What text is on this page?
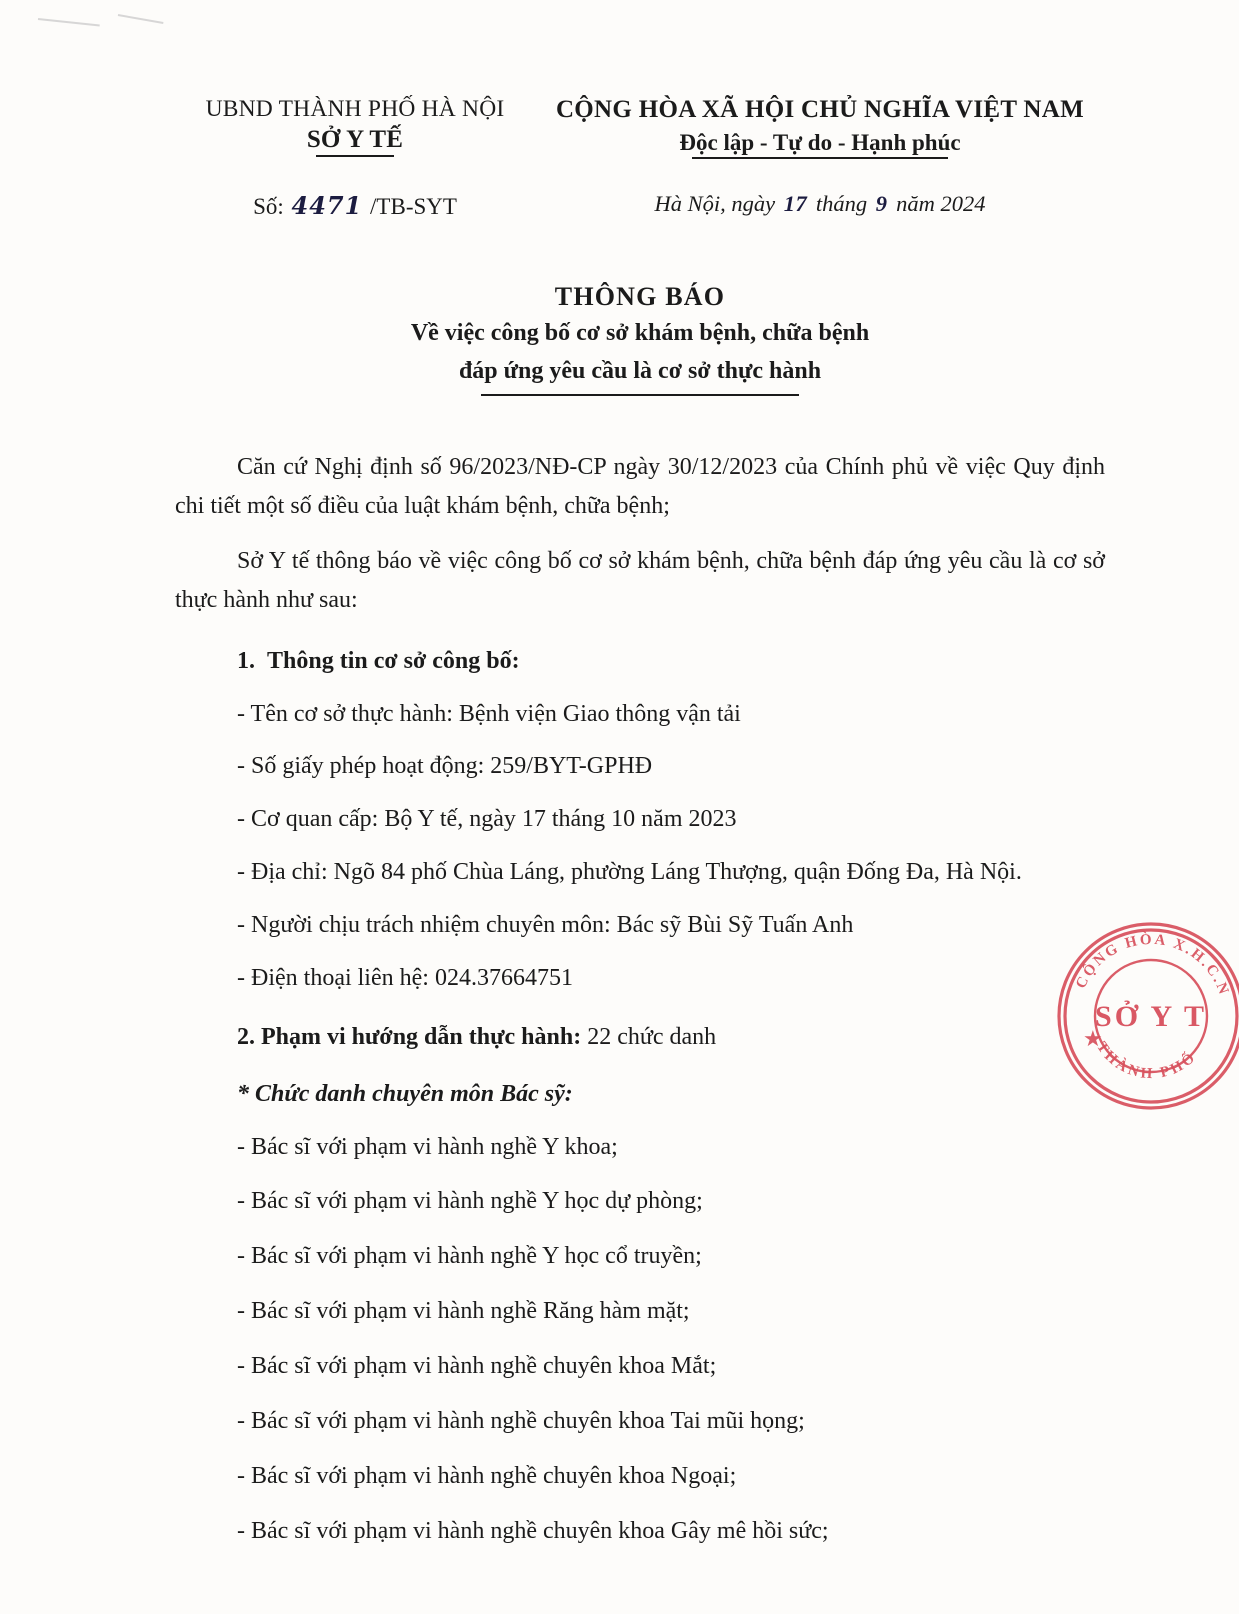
UBND THÀNH PHỐ HÀ NỘI
SỞ Y TẾ
CỘNG HÒA XÃ HỘI CHỦ NGHĨA VIỆT NAM
Độc lập - Tự do - Hạnh phúc
Số: 4471 /TB-SYT	Hà Nội, ngày 17 tháng 9 năm 2024
THÔNG BÁO
Về việc công bố cơ sở khám bệnh, chữa bệnh
đáp ứng yêu cầu là cơ sở thực hành
Căn cứ Nghị định số 96/2023/NĐ-CP ngày 30/12/2023 của Chính phủ về việc Quy định chi tiết một số điều của luật khám bệnh, chữa bệnh;
Sở Y tế thông báo về việc công bố cơ sở khám bệnh, chữa bệnh đáp ứng yêu cầu là cơ sở thực hành như sau:
1. Thông tin cơ sở công bố:
- Tên cơ sở thực hành: Bệnh viện Giao thông vận tải
- Số giấy phép hoạt động: 259/BYT-GPHĐ
- Cơ quan cấp: Bộ Y tế, ngày 17 tháng 10 năm 2023
- Địa chỉ: Ngõ 84 phố Chùa Láng, phường Láng Thượng, quận Đống Đa, Hà Nội.
- Người chịu trách nhiệm chuyên môn: Bác sỹ Bùi Sỹ Tuấn Anh
- Điện thoại liên hệ: 024.37664751
2. Phạm vi hướng dẫn thực hành: 22 chức danh
* Chức danh chuyên môn Bác sỹ:
- Bác sĩ với phạm vi hành nghề Y khoa;
- Bác sĩ với phạm vi hành nghề Y học dự phòng;
- Bác sĩ với phạm vi hành nghề Y học cổ truyền;
- Bác sĩ với phạm vi hành nghề Răng hàm mặt;
- Bác sĩ với phạm vi hành nghề chuyên khoa Mắt;
- Bác sĩ với phạm vi hành nghề chuyên khoa Tai mũi họng;
- Bác sĩ với phạm vi hành nghề chuyên khoa Ngoại;
- Bác sĩ với phạm vi hành nghề chuyên khoa Gây mê hồi sức;
CỘNG HÒA X.H.C.N
THÀNH PHỐ
SỞ Y T
★
